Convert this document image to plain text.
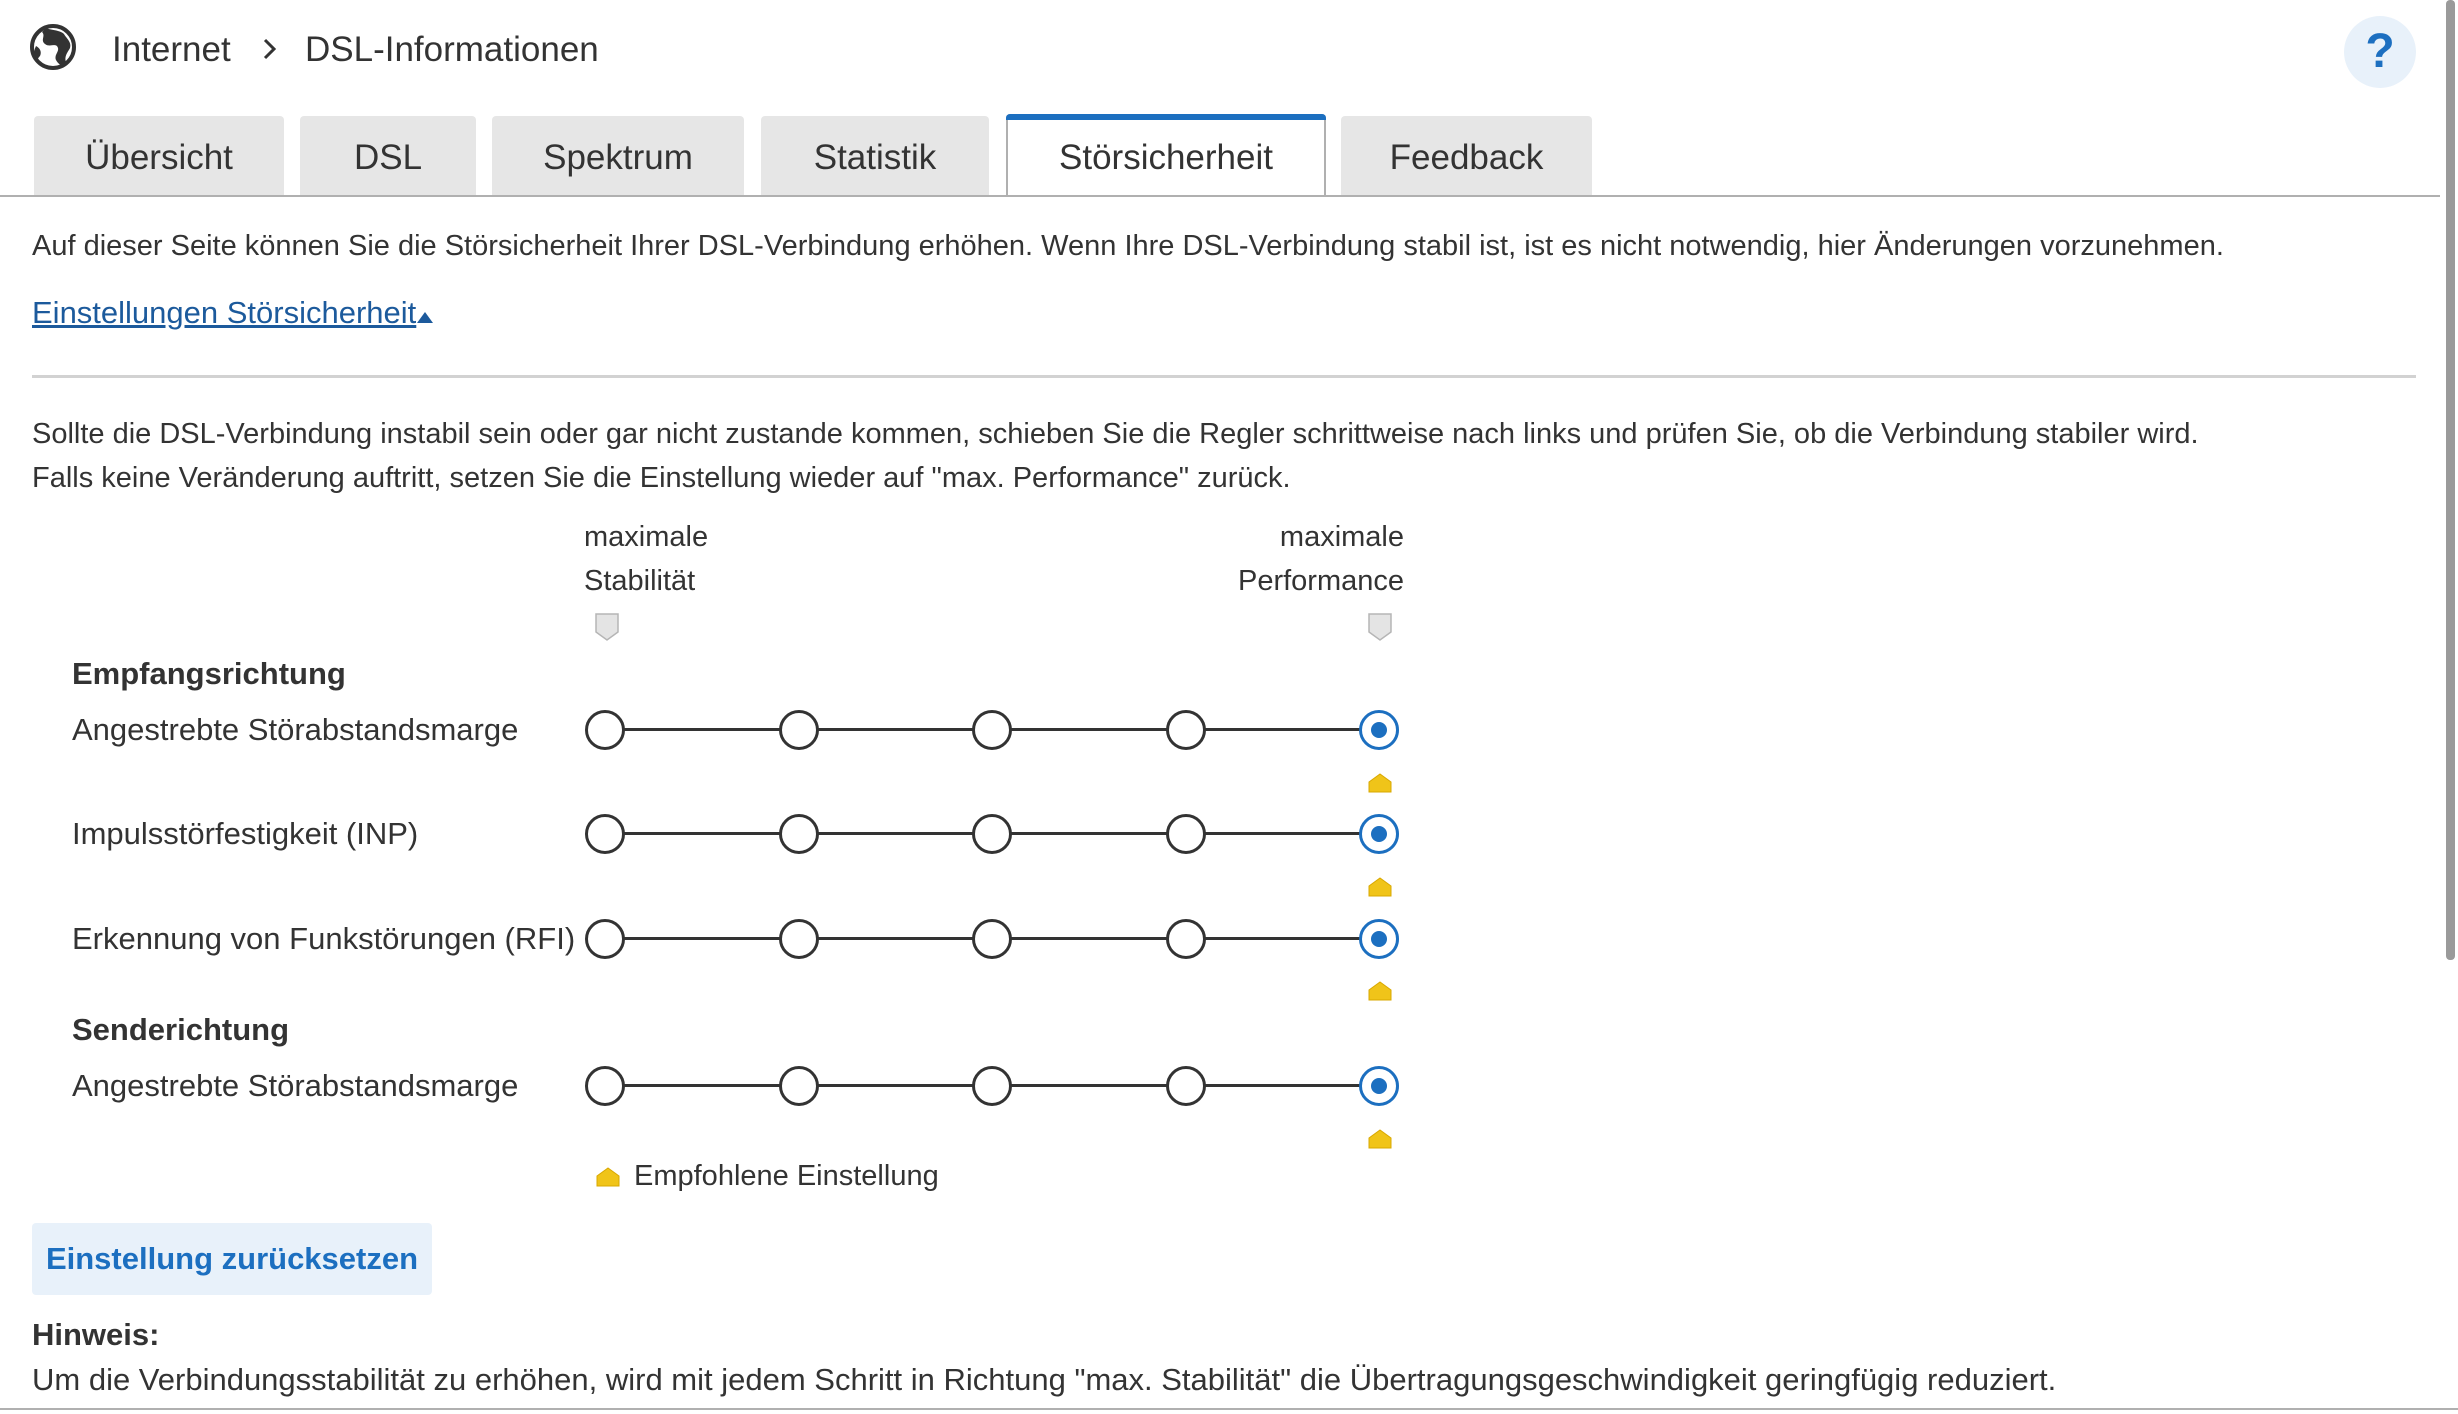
Internet DSL-Informationen	?
Übersicht	DSL	Spektrum	Statistik	Störsicherheit	Feedback
Auf dieser Seite können Sie die Störsicherheit Ihrer DSL-Verbindung erhöhen. Wenn Ihre DSL-Verbindung stabil ist, ist es nicht notwendig, hier Änderungen vorzunehmen.
Einstellungen Störsicherheit
Sollte die DSL-Verbindung instabil sein oder gar nicht zustande kommen, schieben Sie die Regler schrittweise nach links und prüfen Sie, ob die Verbindung stabiler wird.
Falls keine Veränderung auftritt, setzen Sie die Einstellung wieder auf "max. Performance" zurück.
maximale
Stabilität
maximale
Performance
Empfangsrichtung
Senderichtung
Angestrebte Störabstandsmarge
Impulsstörfestigkeit (INP)
Erkennung von Funkstörungen (RFI)
Angestrebte Störabstandsmarge
Empfohlene Einstellung
Einstellung zurücksetzen
Hinweis:
Um die Verbindungsstabilität zu erhöhen, wird mit jedem Schritt in Richtung "max. Stabilität" die Übertragungsgeschwindigkeit geringfügig reduziert.
